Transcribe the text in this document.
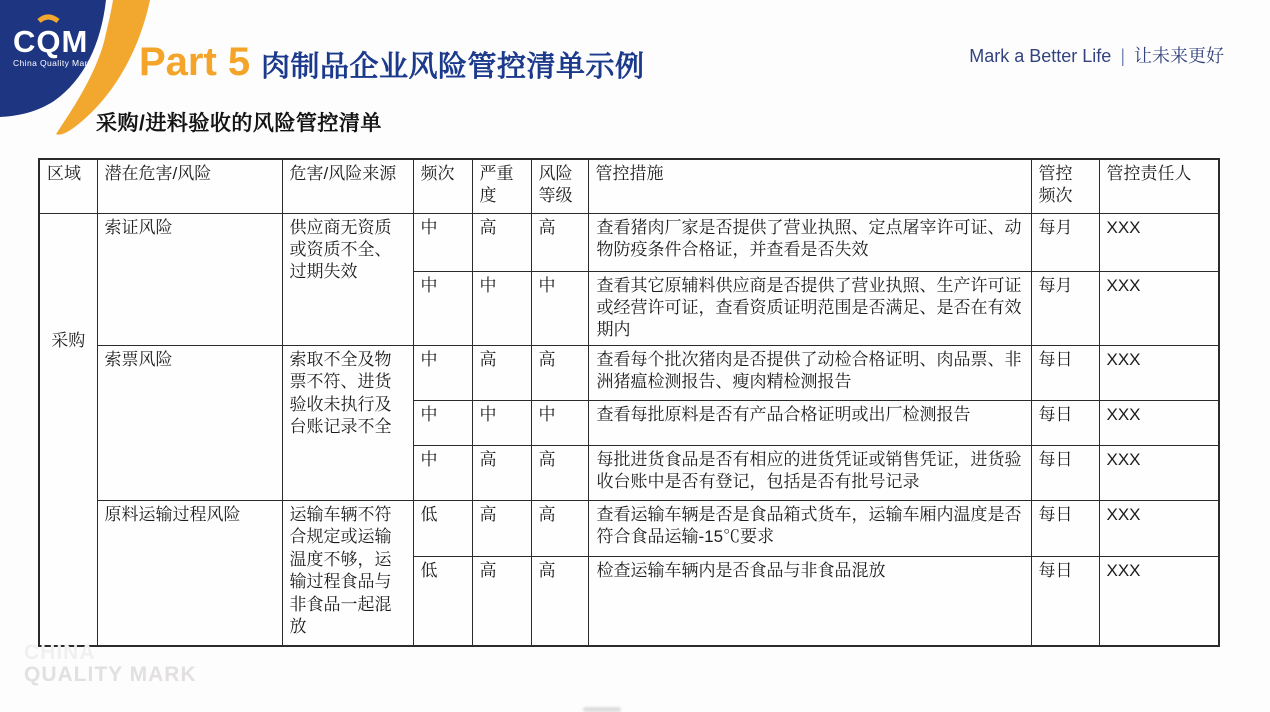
CQM
China Quality Mark Part 5 肉制品企业风险管控清单示例	Mark a Better Life | 让未来更好
采购/进料验收的风险管控清单
区域	潜在危害/风险	危害/风险来源	频次	严重度	风险等级	管控措施	管控频次	管控责任人
采购	索证风险	供应商无资质或资质不全、过期失效	中	高	高	查看猪肉厂家是否提供了营业执照、定点屠宰许可证、动物防疫条件合格证，并查看是否失效	每月	XXX
			中	中	中	查看其它原辅料供应商是否提供了营业执照、生产许可证或经营许可证，查看资质证明范围是否满足、是否在有效期内	每月	XXX
	索票风险	索取不全及物票不符、进货验收未执行及台账记录不全	中	高	高	查看每个批次猪肉是否提供了动检合格证明、肉品票、非洲猪瘟检测报告、瘦肉精检测报告	每日	XXX
			中	中	中	查看每批原料是否有产品合格证明或出厂检测报告	每日	XXX
			中	高	高	每批进货食品是否有相应的进货凭证或销售凭证，进货验收台账中是否有登记，包括是否有批号记录	每日	XXX
	原料运输过程风险	运输车辆不符合规定或运输温度不够，运输过程食品与非食品一起混放	低	高	高	查看运输车辆是否是食品箱式货车，运输车厢内温度是否符合食品运输-15℃要求	每日	XXX
			低	高	高	检查运输车辆内是否食品与非食品混放	每日	XXX
CHINA
QUALITY MARK
